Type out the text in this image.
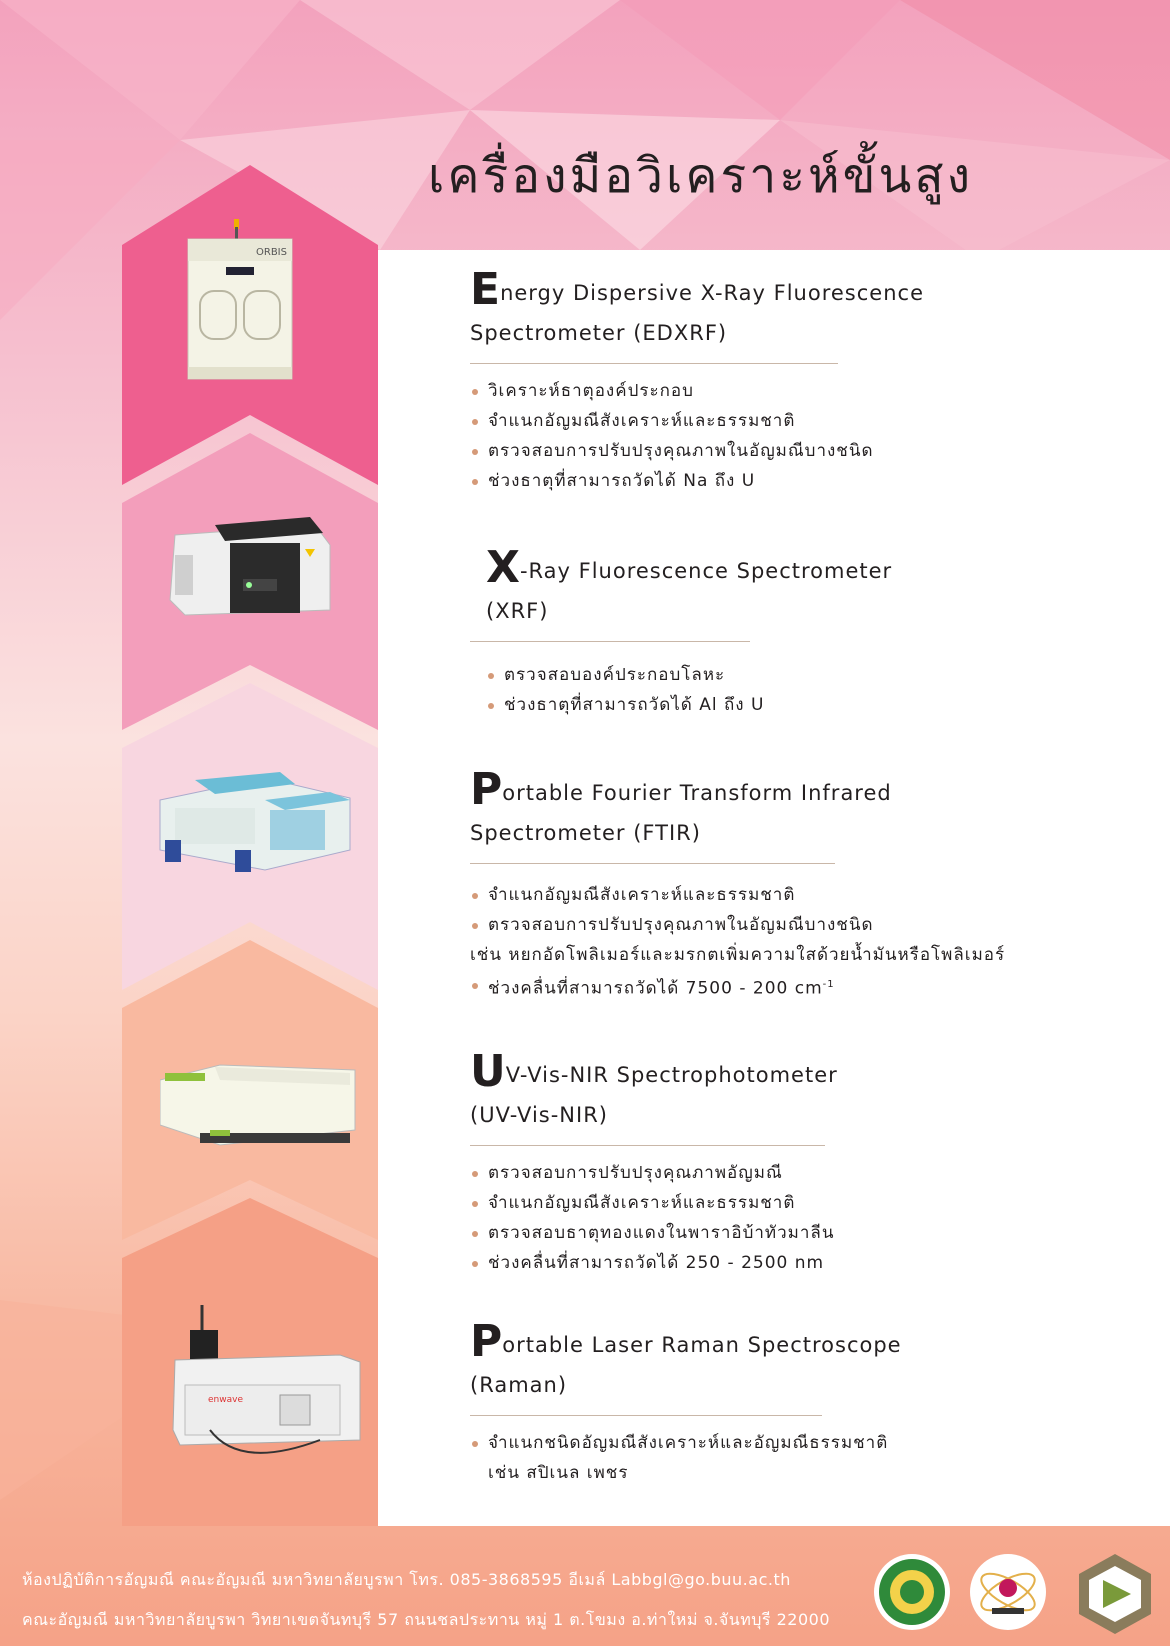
ORBIS
enwave
เครื่องมือวิเคราะห์ขั้นสูง
Energy Dispersive X-Ray Fluorescence
Spectrometer (EDXRF)
วิเคราะห์ธาตุองค์ประกอบ
จำแนกอัญมณีสังเคราะห์และธรรมชาติ
ตรวจสอบการปรับปรุงคุณภาพในอัญมณีบางชนิด
ช่วงธาตุที่สามารถวัดได้ Na ถึง U
X-Ray Fluorescence Spectrometer
(XRF)
ตรวจสอบองค์ประกอบโลหะ
ช่วงธาตุที่สามารถวัดได้ Al ถึง U
Portable Fourier Transform Infrared
Spectrometer (FTIR)
จำแนกอัญมณีสังเคราะห์และธรรมชาติ
ตรวจสอบการปรับปรุงคุณภาพในอัญมณีบางชนิด
เช่น หยกอัดโพลิเมอร์และมรกตเพิ่มความใสด้วยน้ำมันหรือโพลิเมอร์
ช่วงคลื่นที่สามารถวัดได้ 7500 - 200 $cm^{-1}$
UV-Vis-NIR Spectrophotometer
(UV-Vis-NIR)
ตรวจสอบการปรับปรุงคุณภาพอัญมณี
จำแนกอัญมณีสังเคราะห์และธรรมชาติ
ตรวจสอบธาตุทองแดงในพาราอิบ้าทัวมาลีน
ช่วงคลื่นที่สามารถวัดได้ 250 - 2500 nm
Portable Laser Raman Spectroscope
(Raman)
จำแนกชนิดอัญมณีสังเคราะห์และอัญมณีธรรมชาติ
เช่น สปิเนล เพชร
ห้องปฏิบัติการอัญมณี คณะอัญมณี มหาวิทยาลัยบูรพา โทร. 085-3868595 อีเมล์ Labbgl@go.buu.ac.th
คณะอัญมณี มหาวิทยาลัยบูรพา วิทยาเขตจันทบุรี 57 ถนนชลประทาน หมู่ 1 ต.โขมง อ.ท่าใหม่ จ.จันทบุรี 22000
